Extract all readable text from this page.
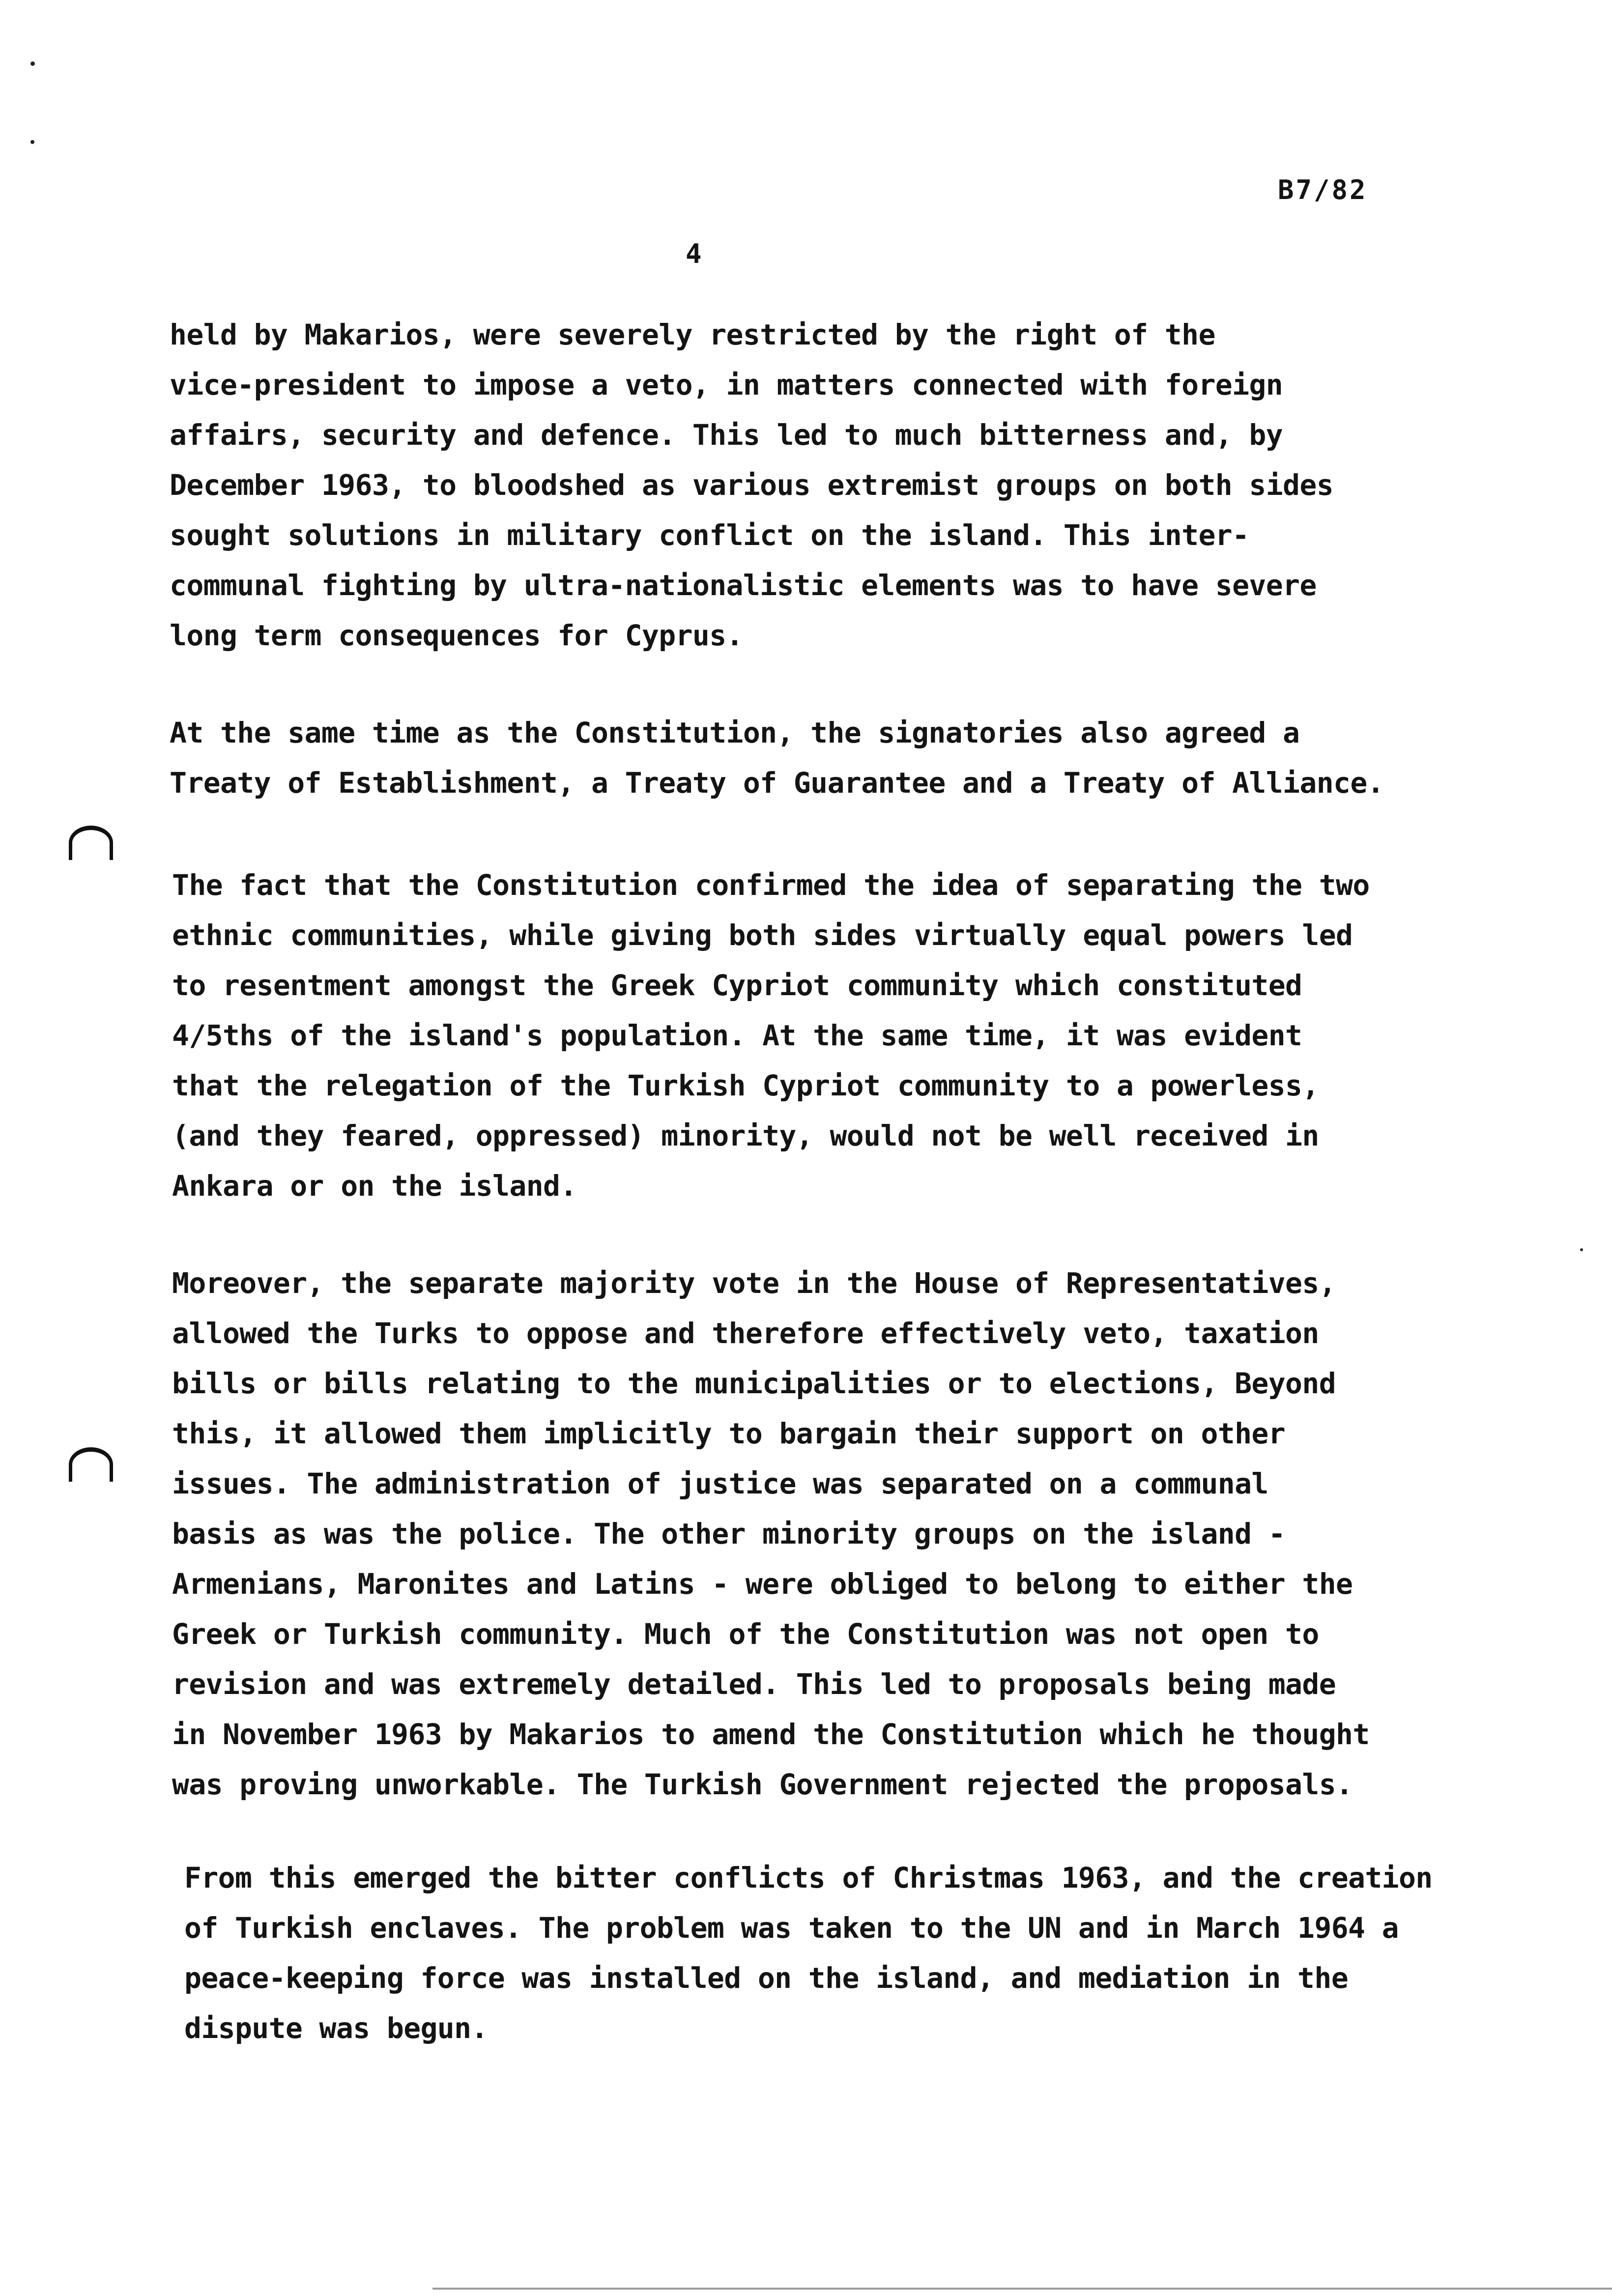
B7/82
4
held by Makarios, were severely restricted by the right of the
vice-president to impose a veto, in matters connected with foreign
affairs, security and defence. This led to much bitterness and, by
December 1963, to bloodshed as various extremist groups on both sides
sought solutions in military conflict on the island. This inter-
communal fighting by ultra-nationalistic elements was to have severe
long term consequences for Cyprus.
At the same time as the Constitution, the signatories also agreed a
Treaty of Establishment, a Treaty of Guarantee and a Treaty of Alliance.
The fact that the Constitution confirmed the idea of separating the two
ethnic communities, while giving both sides virtually equal powers led
to resentment amongst the Greek Cypriot community which constituted
4/5ths of the island's population. At the same time, it was evident
that the relegation of the Turkish Cypriot community to a powerless,
(and they feared, oppressed) minority, would not be well received in
Ankara or on the island.
Moreover, the separate majority vote in the House of Representatives,
allowed the Turks to oppose and therefore effectively veto, taxation
bills or bills relating to the municipalities or to elections, Beyond
this, it allowed them implicitly to bargain their support on other
issues. The administration of justice was separated on a communal
basis as was the police. The other minority groups on the island -
Armenians, Maronites and Latins - were obliged to belong to either the
Greek or Turkish community. Much of the Constitution was not open to
revision and was extremely detailed. This led to proposals being made
in November 1963 by Makarios to amend the Constitution which he thought
was proving unworkable. The Turkish Government rejected the proposals.
From this emerged the bitter conflicts of Christmas 1963, and the creation
of Turkish enclaves. The problem was taken to the UN and in March 1964 a
peace-keeping force was installed on the island, and mediation in the
dispute was begun.
